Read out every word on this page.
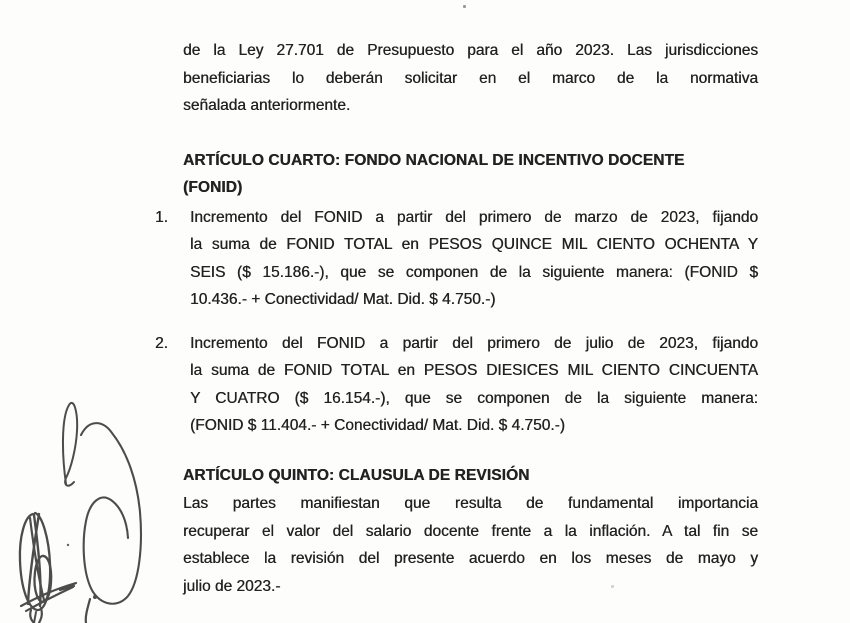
de la Ley 27.701 de Presupuesto para el año 2023. Las jurisdicciones
beneficiarias lo deberán solicitar en el marco de la normativa
señalada anteriormente.
ARTÍCULO CUARTO: FONDO NACIONAL DE INCENTIVO DOCENTE
(FONID)
1. Incremento del FONID a partir del primero de marzo de 2023, fijando
la suma de FONID TOTAL en PESOS QUINCE MIL CIENTO OCHENTA Y
SEIS ($ 15.186.-), que se componen de la siguiente manera: (FONID $
10.436.- + Conectividad/ Mat. Did. $ 4.750.-)
2. Incremento del FONID a partir del primero de julio de 2023, fijando
la suma de FONID TOTAL en PESOS DIESICES MIL CIENTO CINCUENTA
Y CUATRO ($ 16.154.-), que se componen de la siguiente manera:
(FONID $ 11.404.- + Conectividad/ Mat. Did. $ 4.750.-)
ARTÍCULO QUINTO: CLAUSULA DE REVISIÓN
Las partes manifiestan que resulta de fundamental importancia
recuperar el valor del salario docente frente a la inflación. A tal fin se
establece la revisión del presente acuerdo en los meses de mayo y
julio de 2023.-
